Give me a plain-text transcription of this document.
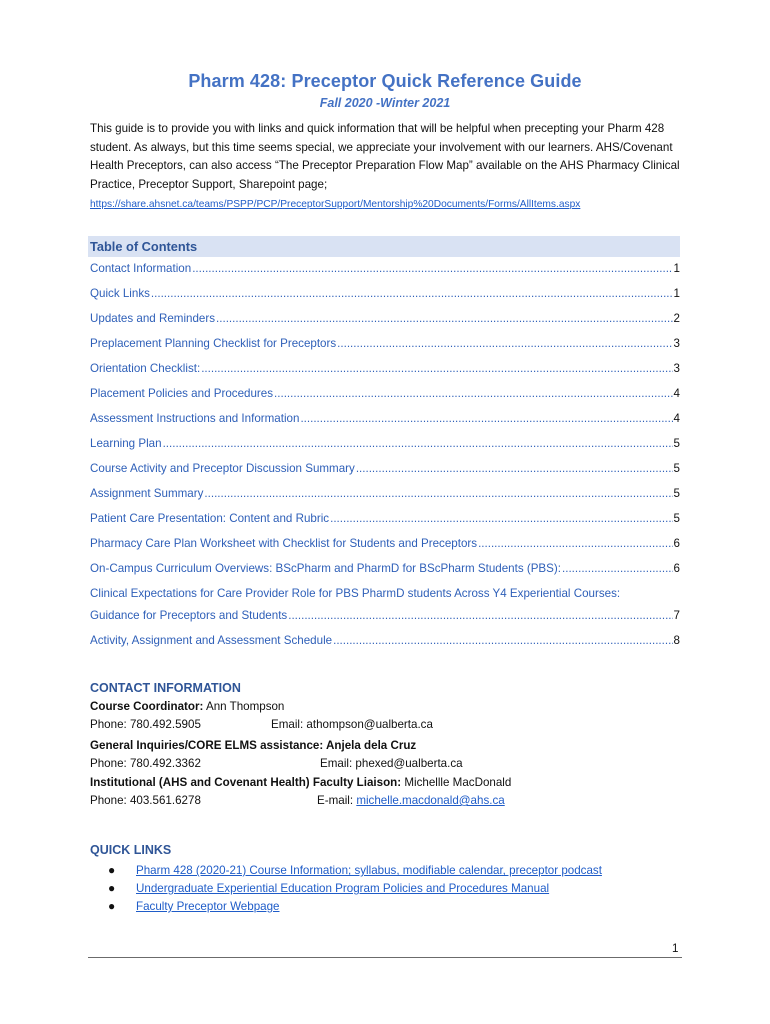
Pharm 428: Preceptor Quick Reference Guide
Fall 2020 -Winter 2021

This guide is to provide you with links and quick information that will be helpful when precepting your Pharm 428 student. As always, but this time seems special, we appreciate your involvement with our learners. AHS/Covenant Health Preceptors, can also access “The Preceptor Preparation Flow Map” available on the AHS Pharmacy Clinical Practice, Preceptor Support, Sharepoint page;

https://share.ahsnet.ca/teams/PSPP/PCP/PreceptorSupport/Mentorship%20Documents/Forms/AllItems.aspx
Table of Contents
Contact Information .....	1
Quick Links .....	1
Updates and Reminders .....	2
Preplacement Planning Checklist for Preceptors .....	3
Orientation Checklist: .....	3
Placement Policies and Procedures .....	4
Assessment Instructions and Information .....	4
Learning Plan .....	5
Course Activity and Preceptor Discussion Summary .....	5
Assignment Summary .....	5
Patient Care Presentation: Content and Rubric .....	5
Pharmacy Care Plan Worksheet with Checklist for Students and Preceptors .....	6
On-Campus Curriculum Overviews: BScPharm and PharmD for BScPharm Students (PBS): .....	6
Clinical Expectations for Care Provider Role for PBS PharmD students Across Y4 Experiential Courses:
Guidance for Preceptors and Students .....	7
Activity, Assignment and Assessment Schedule .....	8
CONTACT INFORMATION
Course Coordinator: Ann Thompson
Phone: 780.492.5905	Email: athompson@ualberta.ca
General Inquiries/CORE ELMS assistance: Anjela dela Cruz
Phone: 780.492.3362	Email: phexed@ualberta.ca
Institutional (AHS and Covenant Health) Faculty Liaison: Michellle MacDonald
Phone: 403.561.6278	E-mail: michelle.macdonald@ahs.ca
QUICK LINKS
● Pharm 428 (2020-21) Course Information; syllabus, modifiable calendar, preceptor podcast
● Undergraduate Experiential Education Program Policies and Procedures Manual
● Faculty Preceptor Webpage
1
